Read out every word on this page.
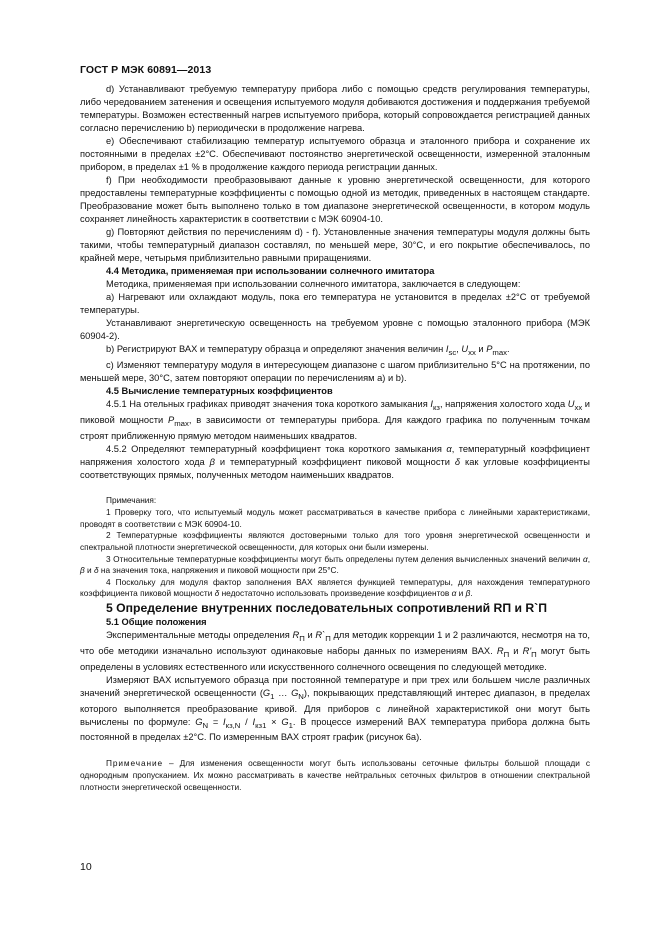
ГОСТ Р МЭК 60891—2013

d) Устанавливают требуемую температуру прибора либо с помощью средств регулирования температуры, либо чередованием затенения и освещения испытуемого модуля добиваются достижения и поддержания требуемой температуры. Возможен естественный нагрев испытуемого прибора, который сопровождается регистрацией данных согласно перечислению b) периодически в продолжение нагрева.

e) Обеспечивают стабилизацию температур испытуемого образца и эталонного прибора и сохранение их постоянными в пределах ±2°С. Обеспечивают постоянство энергетической освещенности, измеренной эталонным прибором, в пределах ±1 % в продолжение каждого периода регистрации данных.

f) При необходимости преобразовывают данные к уровню энергетической освещенности, для которого предоставлены температурные коэффициенты с помощью одной из методик, приведенных в настоящем стандарте. Преобразование может быть выполнено только в том диапазоне энергетической освещенности, в котором модуль сохраняет линейность характеристик в соответствии с МЭК 60904-10.

g) Повторяют действия по перечислениям d) - f). Установленные значения температуры модуля должны быть такими, чтобы температурный диапазон составлял, по меньшей мере, 30°С, и его покрытие обеспечивалось, по крайней мере, четырьмя приблизительно равными приращениями.

4.4 Методика, применяемая при использовании солнечного имитатора

Методика, применяемая при использовании солнечного имитатора, заключается в следующем:

a) Нагревают или охлаждают модуль, пока его температура не установится в пределах ±2°С от требуемой температуры.

Устанавливают энергетическую освещенность на требуемом уровне с помощью эталонного прибора (МЭК 60904-2).

b) Регистрируют ВАХ и температуру образца и определяют значения величин $I_{sc}$, $U_{хх}$ и $P_{max}$.

c) Изменяют температуру модуля в интересующем диапазоне с шагом приблизительно 5°С на протяжении, по меньшей мере, 30°С, затем повторяют операции по перечислениям a) и b).

4.5 Вычисление температурных коэффициентов

4.5.1 На отельных графиках приводят значения тока короткого замыкания $I_{кз}$, напряжения холостого хода $U_{хх}$ и пиковой мощности $P_{max}$, в зависимости от температуры прибора. Для каждого графика по полученным точкам строят приближенную прямую методом наименьших квадратов.

4.5.2 Определяют температурный коэффициент тока короткого замыкания α, температурный коэффициент напряжения холостого хода β и температурный коэффициент пиковой мощности δ как угловые коэффициенты соответствующих прямых, полученных методом наименьших квадратов.

Примечания:

1 Проверку того, что испытуемый модуль может рассматриваться в качестве прибора с линейными характеристиками, проводят в соответствии с МЭК 60904-10.

2 Температурные коэффициенты являются достоверными только для того уровня энергетической освещенности и спектральной плотности энергетической освещенности, для которых они были измерены.

3 Относительные температурные коэффициенты могут быть определены путем деления вычисленных значений величин α, β и δ на значения тока, напряжения и пиковой мощности при 25°С.

4 Поскольку для модуля фактор заполнения ВАХ является функцией температуры, для нахождения температурного коэффициента пиковой мощности δ недостаточно использовать произведение коэффициентов α и β.

5 Определение внутренних последовательных сопротивлений RП и R`П

5.1 Общие положения

Экспериментальные методы определения $R_П$ и $R`_П$ для методик коррекции 1 и 2 различаются, несмотря на то, что обе методики изначально используют одинаковые наборы данных по измерениям ВАХ. $R_П$ и $R'_П$ могут быть определены в условиях естественного или искусственного солнечного освещения по следующей методике.

Измеряют ВАХ испытуемого образца при постоянной температуре и при трех или большем числе различных значений энергетической освещенности ($G_1$ … $G_N$), покрывающих представляющий интерес диапазон, в пределах которого выполняется преобразование кривой. Для приборов с линейной характеристикой они могут быть вычислены по формуле: $G_N = I_{кз,N} / I_{кз1} \times G_1$. В процессе измерений ВАХ температура прибора должна быть постоянной в пределах ±2°С. По измеренным ВАХ строят график (рисунок 6а).

Примечание – Для изменения освещенности могут быть использованы сеточные фильтры большой площади с однородным пропусканием. Их можно рассматривать в качестве нейтральных сеточных фильтров в отношении спектральной плотности энергетической освещенности.

10
